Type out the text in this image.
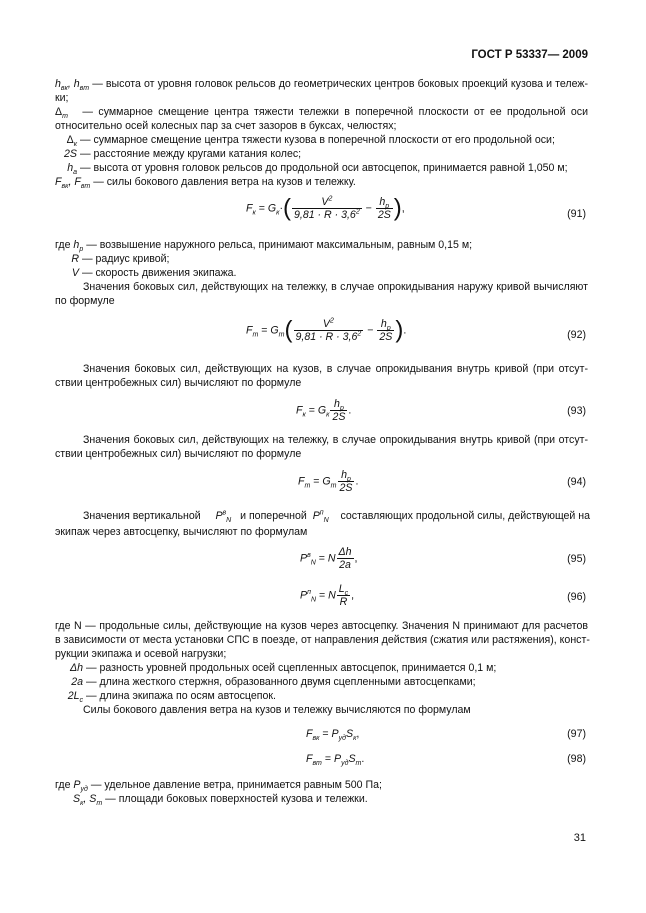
ГОСТ Р 53337— 2009
$h_{вк}$, $h_{вт}$ — высота от уровня головок рельсов до геометрических центров боковых проекций кузова и тележ-
ки;
$\Delta_т$ — суммарное смещение центра тяжести тележки в поперечной плоскости от ее продольной оси
относительно осей колесных пар за счет зазоров в буксах, челюстях;
$\Delta_к$ — суммарное смещение центра тяжести кузова в поперечной плоскости от его продольной оси;
2S — расстояние между кругами катания колес;
$h_а$ — высота от уровня головок рельсов до продольной оси автосцепок, принимается равной 1,050 м;
$F_{вк}$, $F_{вт}$ — силы бокового давления ветра на кузов и тележку.
$F_к = G_к\cdot( \frac{V^2}{9,81 \cdot R \cdot 3,6^2} - \frac{h_р}{2S}$ ),	(91)
где $h_р$ — возвышение наружного рельса, принимают максимальным, равным 0,15 м;
R — радиус кривой;
V — скорость движения экипажа.
Значения боковых сил, действующих на тележку, в случае опрокидывания наружу кривой вычисляют
по формуле
$F_т = G_m( \frac{V^2}{9,81 \cdot R \cdot 3,6^2} - \frac{h_р}{2S}$ ).	(92)
Значения боковых сил, действующих на кузов, в случае опрокидывания внутрь кривой (при отсут-
ствии центробежных сил) вычисляют по формуле
$F_к = G_к \frac{h_р}{2S}$ .	(93)
Значения боковых сил, действующих на тележку, в случае опрокидывания внутрь кривой (при отсут-
ствии центробежных сил) вычисляют по формуле
$F_т = G_m \frac{h_р}{2S}$ .	(94)
Значения вертикальной $P^в_N$ и поперечной $P^п_N$ составляющих продольной силы, действующей на
экипаж через автосцепку, вычисляют по формулам
$P^в_N = N \frac{\Delta h}{2a}$ ,	(95)
$P^п_N = N \frac{L_с}{R}$ ,	(96)
где N — продольные силы, действующие на кузов через автосцепку. Значения N принимают для расчетов
в зависимости от места установки СПС в поезде, от направления действия (сжатия или растяжения), конст-
рукции экипажа и осевой нагрузки;
Δh — разность уровней продольных осей сцепленных автосцепок, принимается 0,1 м;
2a — длина жесткого стержня, образованного двумя сцепленными автосцепками;
$2L_с$ — длина экипажа по осям автосцепок.
Силы бокового давления ветра на кузов и тележку вычисляются по формулам
$F_{вк} = P_{уд}S_к$,	(97)
$F_{вт} = P_{уд}S_т$.	(98)
где $P_{уд}$ — удельное давление ветра, принимается равным 500 Па;
$S_к$, $S_т$ — площади боковых поверхностей кузова и тележки.
31
